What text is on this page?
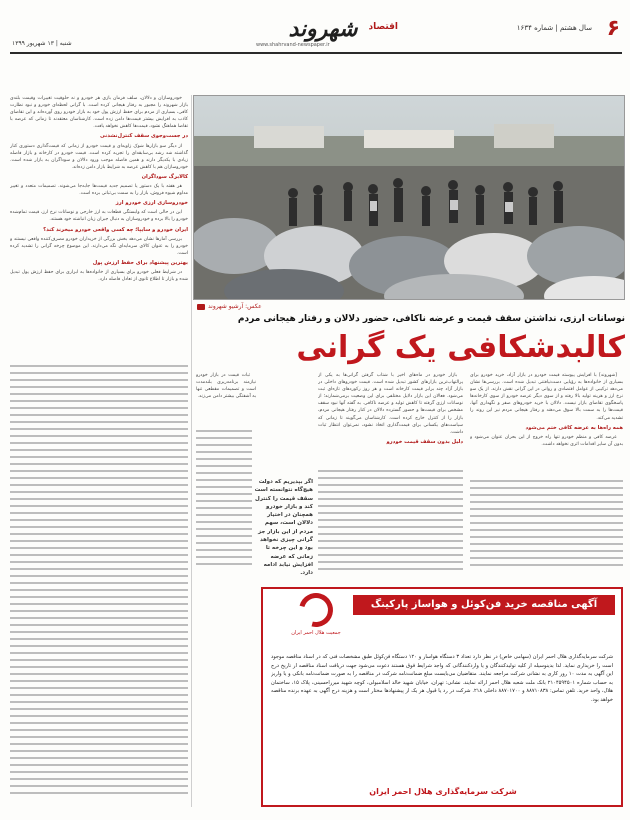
۶
سال هشتم | شماره ۱۶۳۴
شهروند	اقتصاد
www.shahrvand-newspaper.ir
شنبه | ۱۳ شهریور ۱۳۹۹
عکس: آرشیو شهروند
نوسانات ارزی، نداشتن سقف قیمت و عرضه ناکافی، حضور دلالان و رفتار هیجانی مردم
کالبدشکافی یک گرانی
خودروسازان و دلالان، سلف فرمان بازی هر خودرو و نه حلوقیت تغییرات وقیمت بلندی بازار شهروند را مجبور به رفتار هیجانی کرده است. با گرانی لحظه‌ای خودرو و نبود نظارت کافی، بسیاری از مردم برای حفظ ارزش پول خود به بازار خودرو روی آورده‌اند و این تقاضای کاذب به افزایش بیشتر قیمت‌ها دامن زده است. کارشناسان معتقدند تا زمانی که عرضه با تقاضا هماهنگ نشود، قیمت‌ها کاهش نخواهد یافت.
در جست‌وجوی سقف کنترل‌نشدنی
از دیگر سو بازارها شوک زاویه‌ای و قیمت خودرو از زمانی که قیمت‌گذاری دستوری کنار گذاشته شد رشد بی‌سابقه‌ای را تجربه کرده است. قیمت خودرو در کارخانه و بازار فاصله زیادی با یکدیگر دارند و همین فاصله موجب ورود دلالان و سوداگران به بازار شده است. خودروسازان هم با کاهش عرضه به شرایط بازار دامن زده‌اند.
کالابرگ سوداگران
هر هفته با یک دستور یا تصمیم جدید قیمت‌ها جابه‌جا می‌شوند. تصمیمات متعدد و تغییر مداوم شیوه فروش، بازار را به سمت بی‌ثباتی برده است.
خودروسازی ارزی خودرو ارز
این در حالی است که وابستگی قطعات به ارز خارجی و نوسانات نرخ ارز، قیمت تمام‌شده خودرو را بالا برده و خودروسازان به دنبال جبران زیان انباشته خود هستند.
ایران خودرو و سایپا؛ چه کسی واقعی خودرو میخرند کند؟
بررسی آمارها نشان می‌دهد بخش بزرگی از خریداران خودرو مصرف‌کننده واقعی نیستند و خودرو را به عنوان کالای سرمایه‌ای نگه می‌دارند. این موضوع چرخه گرانی را تشدید کرده است.
بهترین پیشنهاد برای حفظ ارزش پول
در شرایط فعلی خودرو برای بسیاری از خانواده‌ها به ابزاری برای حفظ ارزش پول تبدیل شده و بازار تا اطلاع ثانوی از تعادل فاصله دارد.
ثبات قیمت در بازار خودرو نیازمند برنامه‌ریزی بلندمدت است و تصمیمات مقطعی تنها به آشفتگی بیشتر دامن می‌زند.
اگر بپذیریم که دولت هیچ‌گاه نتوانسته است سقف قیمت را کنترل کند و بازار خودرو همچنان در اختیار دلالان است، سهم مردم از این بازار جز گرانی چیزی نخواهد بود و این چرخه تا زمانی که عرضه افزایش نیابد ادامه دارد.
بازار خودرو در ماه‌های اخیر با شتاب گرفتن گرانی‌ها به یکی از پرالتهاب‌ترین بازارهای کشور تبدیل شده است. قیمت خودروهای داخلی در بازار آزاد چند برابر قیمت کارخانه است و هر روز رکوردهای تازه‌ای ثبت می‌شود. فعالان این بازار دلایل مختلفی برای این وضعیت برمی‌شمارند؛ از نوسانات ارزی گرفته تا کاهش تولید و عرضه ناکافی. به گفته آنها نبود سقف مشخص برای قیمت‌ها و حضور گسترده دلالان در کنار رفتار هیجانی مردم، بازار را از کنترل خارج کرده است. کارشناسان می‌گویند تا زمانی که سیاست‌های یکسانی برای قیمت‌گذاری اتخاذ نشود، نمی‌توان انتظار ثبات داشت.
دلیل بدون سقف قیمت خودرو
[شهروند] با افزایش پیوسته قیمت خودرو در بازار آزاد، خرید خودرو برای بسیاری از خانواده‌ها به رؤیایی دست‌نیافتنی تبدیل شده است. بررسی‌ها نشان می‌دهد ترکیبی از عوامل اقتصادی و روانی در این گرانی نقش دارند. از یک سو نرخ ارز و هزینه تولید بالا رفته و از سوی دیگر عرضه خودرو از سوی کارخانه‌ها پاسخگوی تقاضای بازار نیست. دلالان با خرید خودروهای صفر و نگهداری آنها، قیمت‌ها را به سمت بالا سوق می‌دهند و رفتار هیجانی مردم نیز این روند را تشدید می‌کند.
همه راه‌ها به عرضه کافی ختم می‌شود
عرضه کافی و منظم خودرو تنها راه خروج از این بحران عنوان می‌شود و بدون آن سایر اقدامات اثری نخواهد داشت.
آگهی مناقصه خرید فن‌کوئل و هواساز پارکینگ
جمعیت هلال احمر ایران
شرکت سرمایه‌گذاری هلال احمر ایران (سهامی خاص) در نظر دارد تعداد ۳ دستگاه هواساز و ۱۲۰ دستگاه فن‌کوئل طبق مشخصات فنی که در اسناد مناقصه موجود است را خریداری نماید. لذا بدینوسیله از کلیه تولیدکنندگان و یا واردکنندگانی که واجد شرایط فوق هستند دعوت می‌شود جهت دریافت اسناد مناقصه از تاریخ درج این آگهی به مدت ۱۰ روز کاری به نشانی شرکت مراجعه نمایند. متقاضیان می‌بایست مبلغ ضمانت‌نامه شرکت در مناقصه را به صورت ضمانت‌نامه بانکی و یا واریز به حساب شماره ۲۱۰۴۵۹۴۵۰۱ بانک ملت شعبه هلال احمر ارائه نمایند. نشانی: تهران، خیابان شهید خالد اسلامبولی، کوچه شهید میرزاحسینی، پلاک ۱۵، ساختمان هلال، واحد خرید. تلفن تماس: ۸۸۷۱۰۸۳۸ و ۸۸۷۰۱۷۰۰ داخلی ۲۱۸. شرکت در رد یا قبول هر یک از پیشنهادها مختار است و هزینه درج آگهی به عهده برنده مناقصه خواهد بود.
شرکت سرمایه‌گذاری هلال احمر ایران
